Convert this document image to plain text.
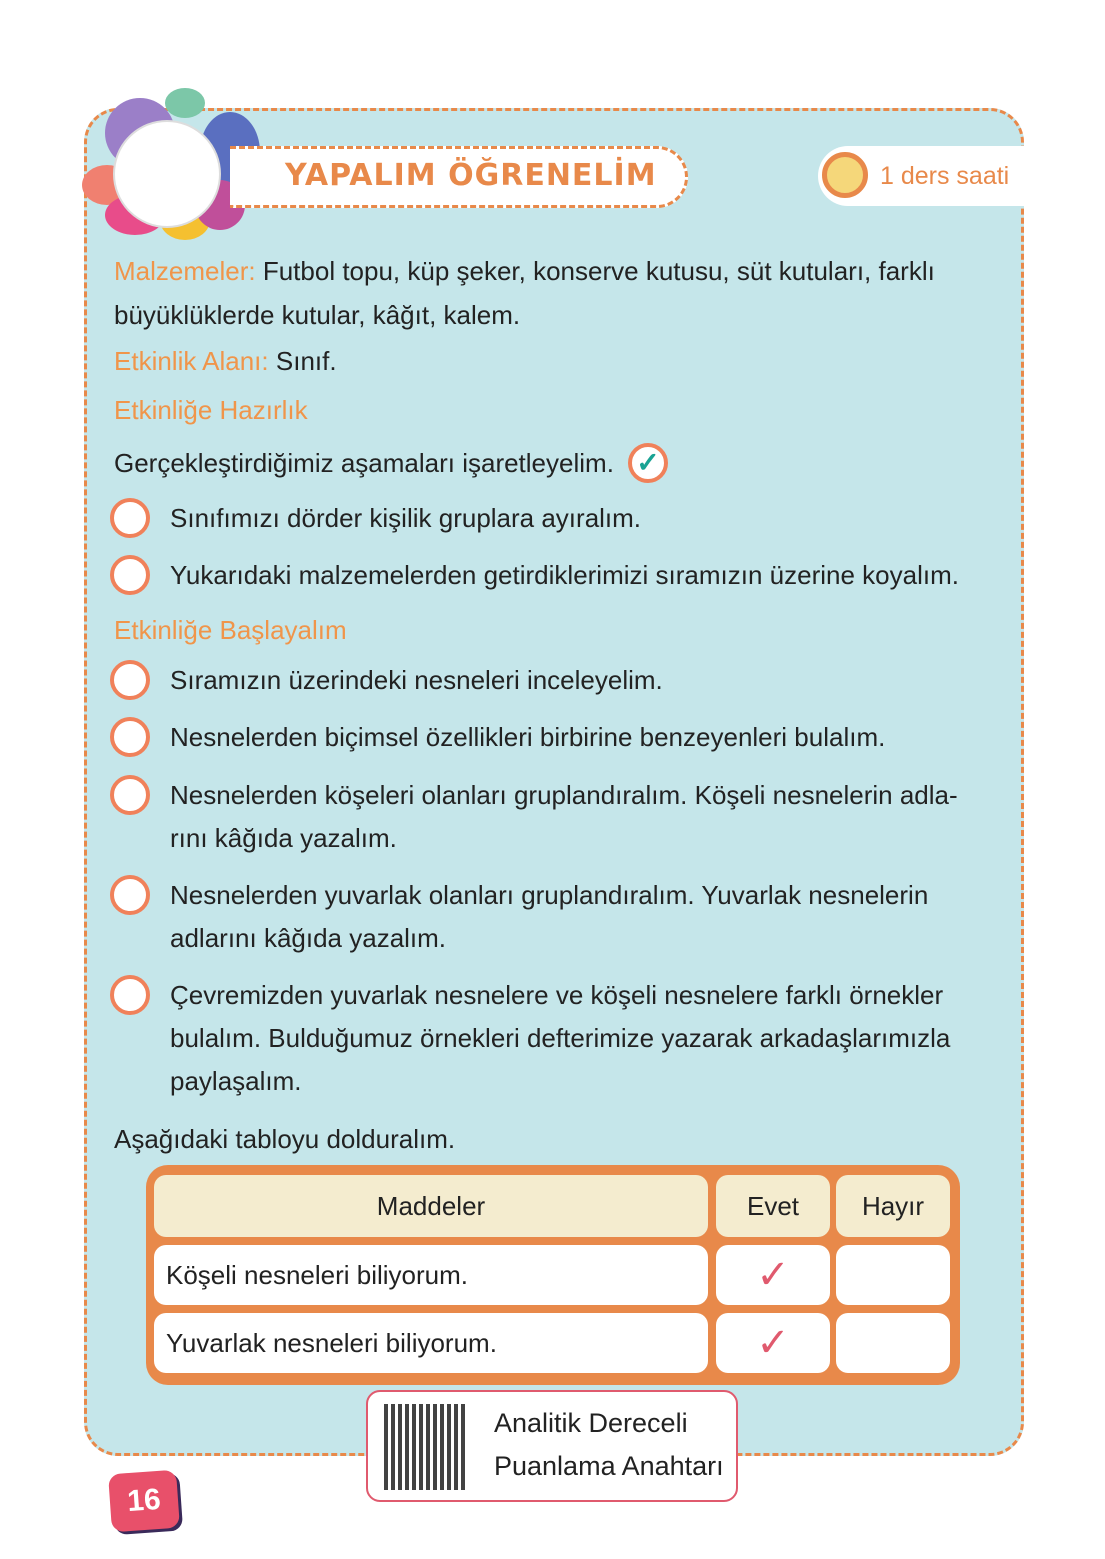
YAPALIM ÖĞRENELİM	1 ders saati
Malzemeler: Futbol topu, küp şeker, konserve kutusu, süt kutuları, farklı
büyüklüklerde kutular, kâğıt, kalem.
Etkinlik Alanı: Sınıf.
Etkinliğe Hazırlık
Gerçekleştirdiğimiz aşamaları işaretleyelim. ✓
Sınıfımızı dörder kişilik gruplara ayıralım.
Yukarıdaki malzemelerden getirdiklerimizi sıramızın üzerine koyalım.
Etkinliğe Başlayalım
Sıramızın üzerindeki nesneleri inceleyelim.
Nesnelerden biçimsel özellikleri birbirine benzeyenleri bulalım.
Nesnelerden köşeleri olanları gruplandıralım. Köşeli nesnelerin adla-
rını kâğıda yazalım.
Nesnelerden yuvarlak olanları gruplandıralım. Yuvarlak nesnelerin
adlarını kâğıda yazalım.
Çevremizden yuvarlak nesnelere ve köşeli nesnelere farklı örnekler
bulalım. Bulduğumuz örnekleri defterimize yazarak arkadaşlarımızla
paylaşalım.
Aşağıdaki tabloyu dolduralım.
Maddeler	Evet	Hayır
Köşeli nesneleri biliyorum.	✓
Yuvarlak nesneleri biliyorum.	✓
Analitik Dereceli
Puanlama Anahtarı
16
